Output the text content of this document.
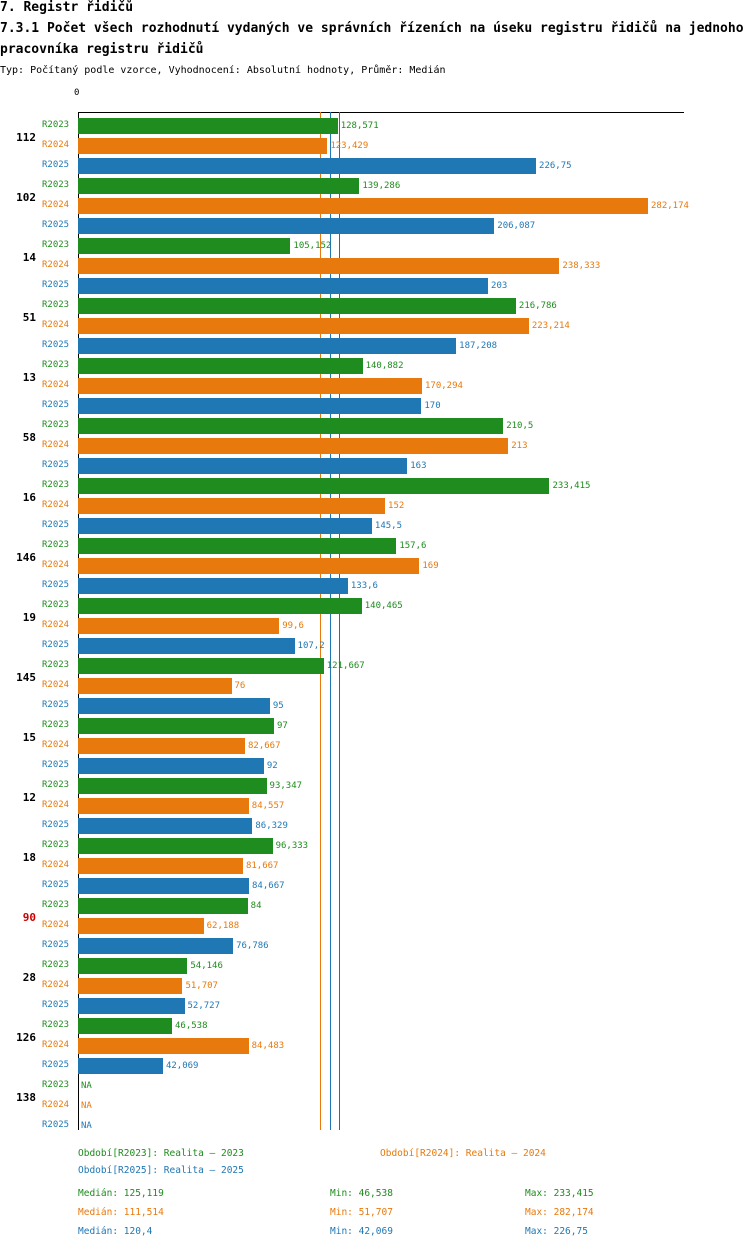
7. Registr řidičů
7.3.1 Počet všech rozhodnutí vydaných ve správních řízeních na úseku registru řidičů na jednoho pracovníka registru řidičů
Typ: Počítaný podle vzorce, Vyhodnocení: Absolutní hodnoty, Průměr: Medián
0
112
R2023	128,571
R2024	123,429
R2025	226,75
102
R2023	139,286
R2024	282,174
R2025	206,087
14
R2023	105,152
R2024	238,333
R2025	203
51
R2023	216,786
R2024	223,214
R2025	187,208
13
R2023	140,882
R2024	170,294
R2025	170
58
R2023	210,5
R2024	213
R2025	163
16
R2023	233,415
R2024	152
R2025	145,5
146
R2023	157,6
R2024	169
R2025	133,6
19
R2023	140,465
R2024	99,6
R2025	107,2
145
R2023	121,667
R2024	76
R2025	95
15
R2023	97
R2024	82,667
R2025	92
12
R2023	93,347
R2024	84,557
R2025	86,329
18
R2023	96,333
R2024	81,667
R2025	84,667
90
R2023	84
R2024	62,188
R2025	76,786
28
R2023	54,146
R2024	51,707
R2025	52,727
126
R2023	46,538
R2024	84,483
R2025	42,069
138
R2023	NA
R2024	NA
R2025	NA
Období[R2023]: Realita – 2023	Období[R2024]: Realita – 2024
Období[R2025]: Realita – 2025
Medián: 125,119	Min: 46,538	Max: 233,415
Medián: 111,514	Min: 51,707	Max: 282,174
Medián: 120,4	Min: 42,069	Max: 226,75
